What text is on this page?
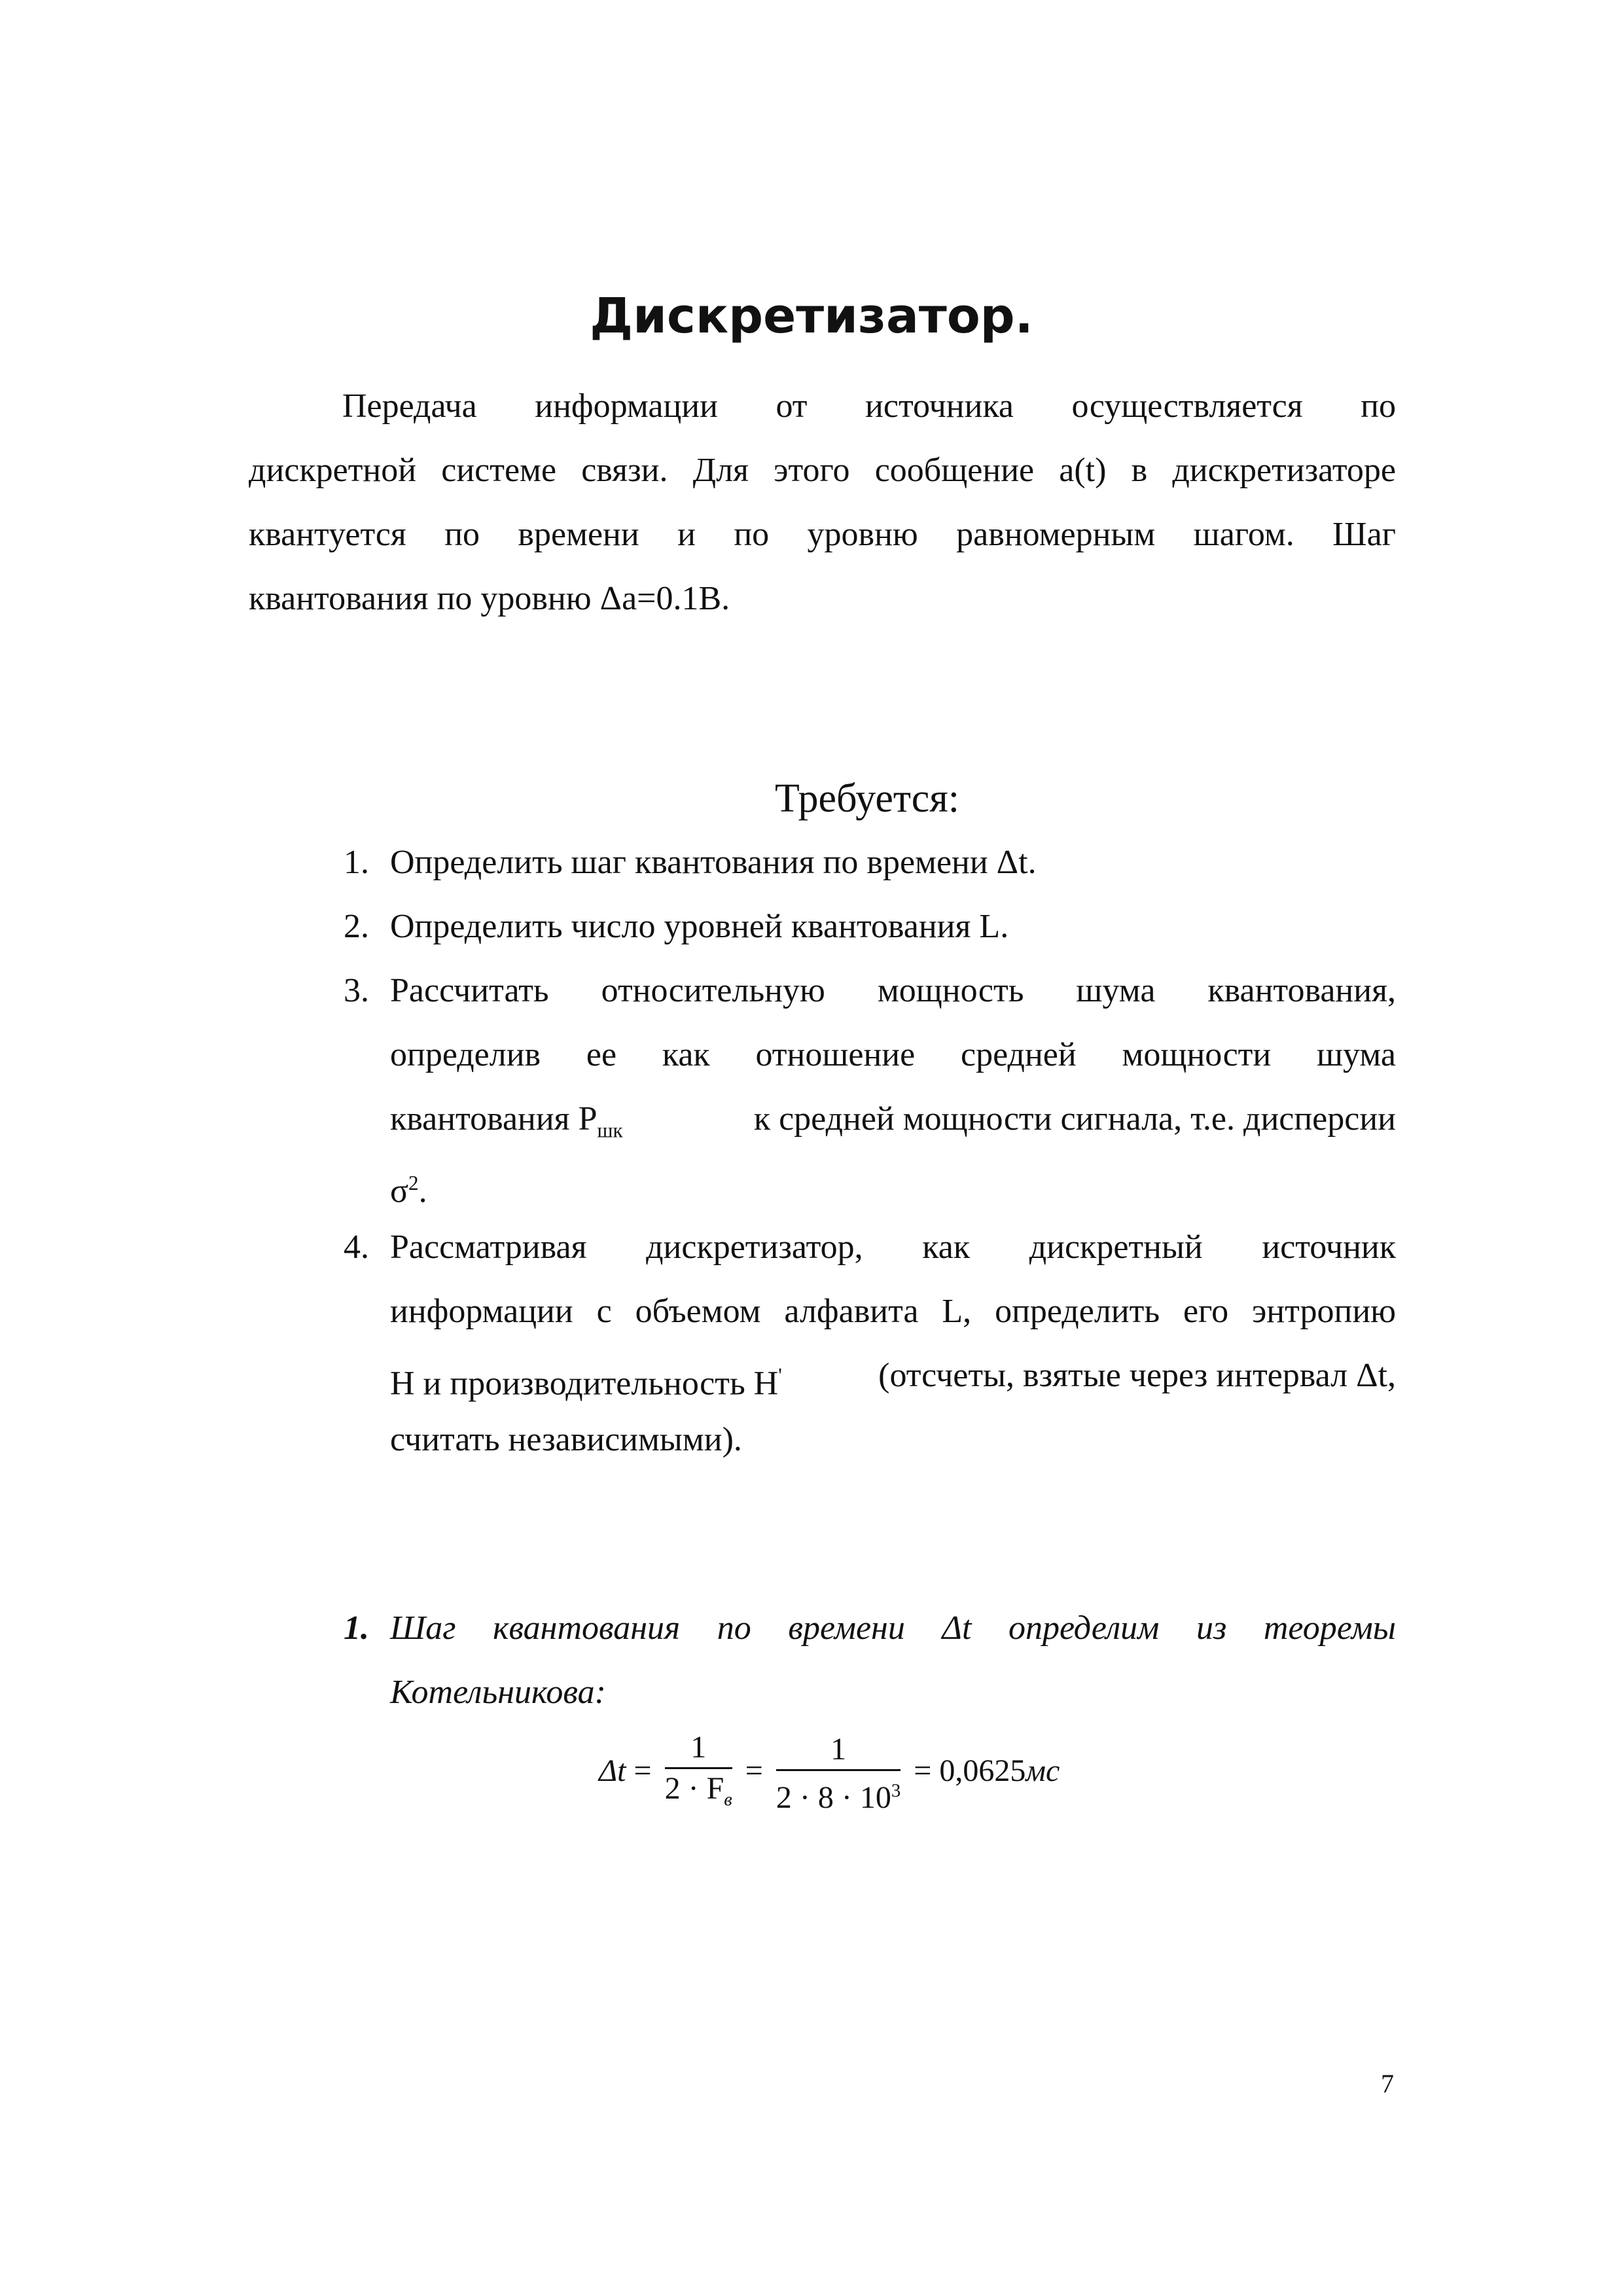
Дискретизатор.
Передача информации от источника осуществляется по
дискретной системе связи. Для этого сообщение a(t) в дискретизаторе
квантуется по времени и по уровню равномерным шагом. Шаг
квантования по уровню Δa=0.1В.
Требуется:
1. Определить шаг квантования по времени Δt.
2. Определить число уровней квантования L.
3. Рассчитать относительную мощность шума квантования,
определив ее как отношение средней мощности шума
квантования $P_{шк}$	к средней мощности сигнала, т.е. дисперсии
$\sigma^2$.
4. Рассматривая дискретизатор, как дискретный источник
информации с объемом алфавита L, определить его энтропию
H и производительность H'	(отсчеты, взятые через интервал Δt,
считать независимыми).
1. Шаг квантования по времени Δt определим из теоремы
Котельникова:
$\Delta t = \frac{1}{2 \cdot F_в} = \frac{1}{2 \cdot 8 \cdot 10^3} = 0,0625мс$
7
